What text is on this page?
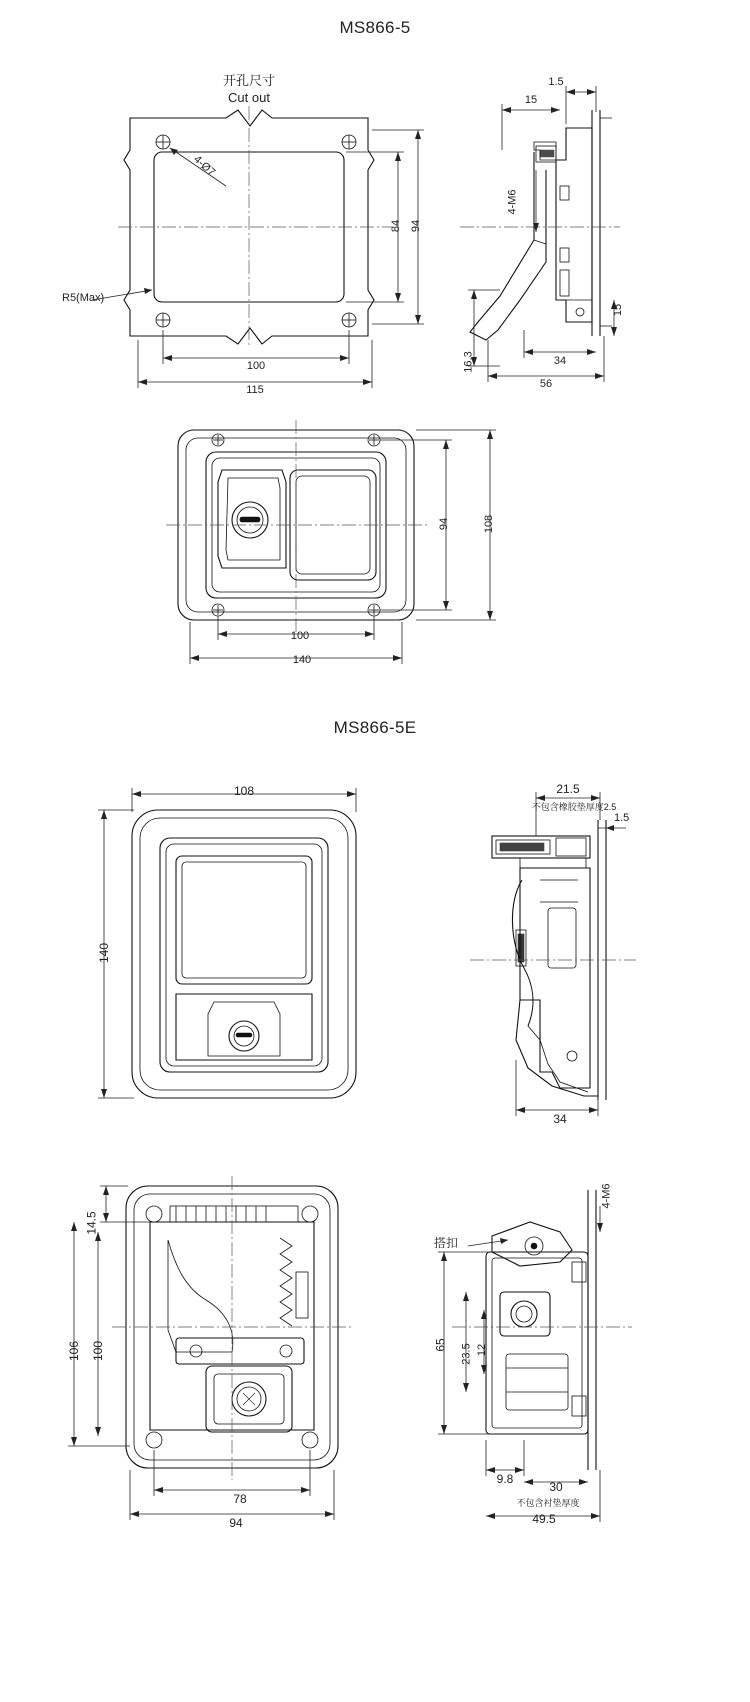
MS866-5
开孔尺寸
Cut out
4-Ø7
R5(Max)
84 94
100
115
1.5
15
4-M6
15
16.3	34
56
94	108
100
140
MS866-5E
108
140
21.5
不包含橡胶垫厚度2.5
1.5
34
14.5
106 100
78
94
搭扣
4-M6
65 23.5 12
9.8
30
不包含衬垫厚度
49.5
